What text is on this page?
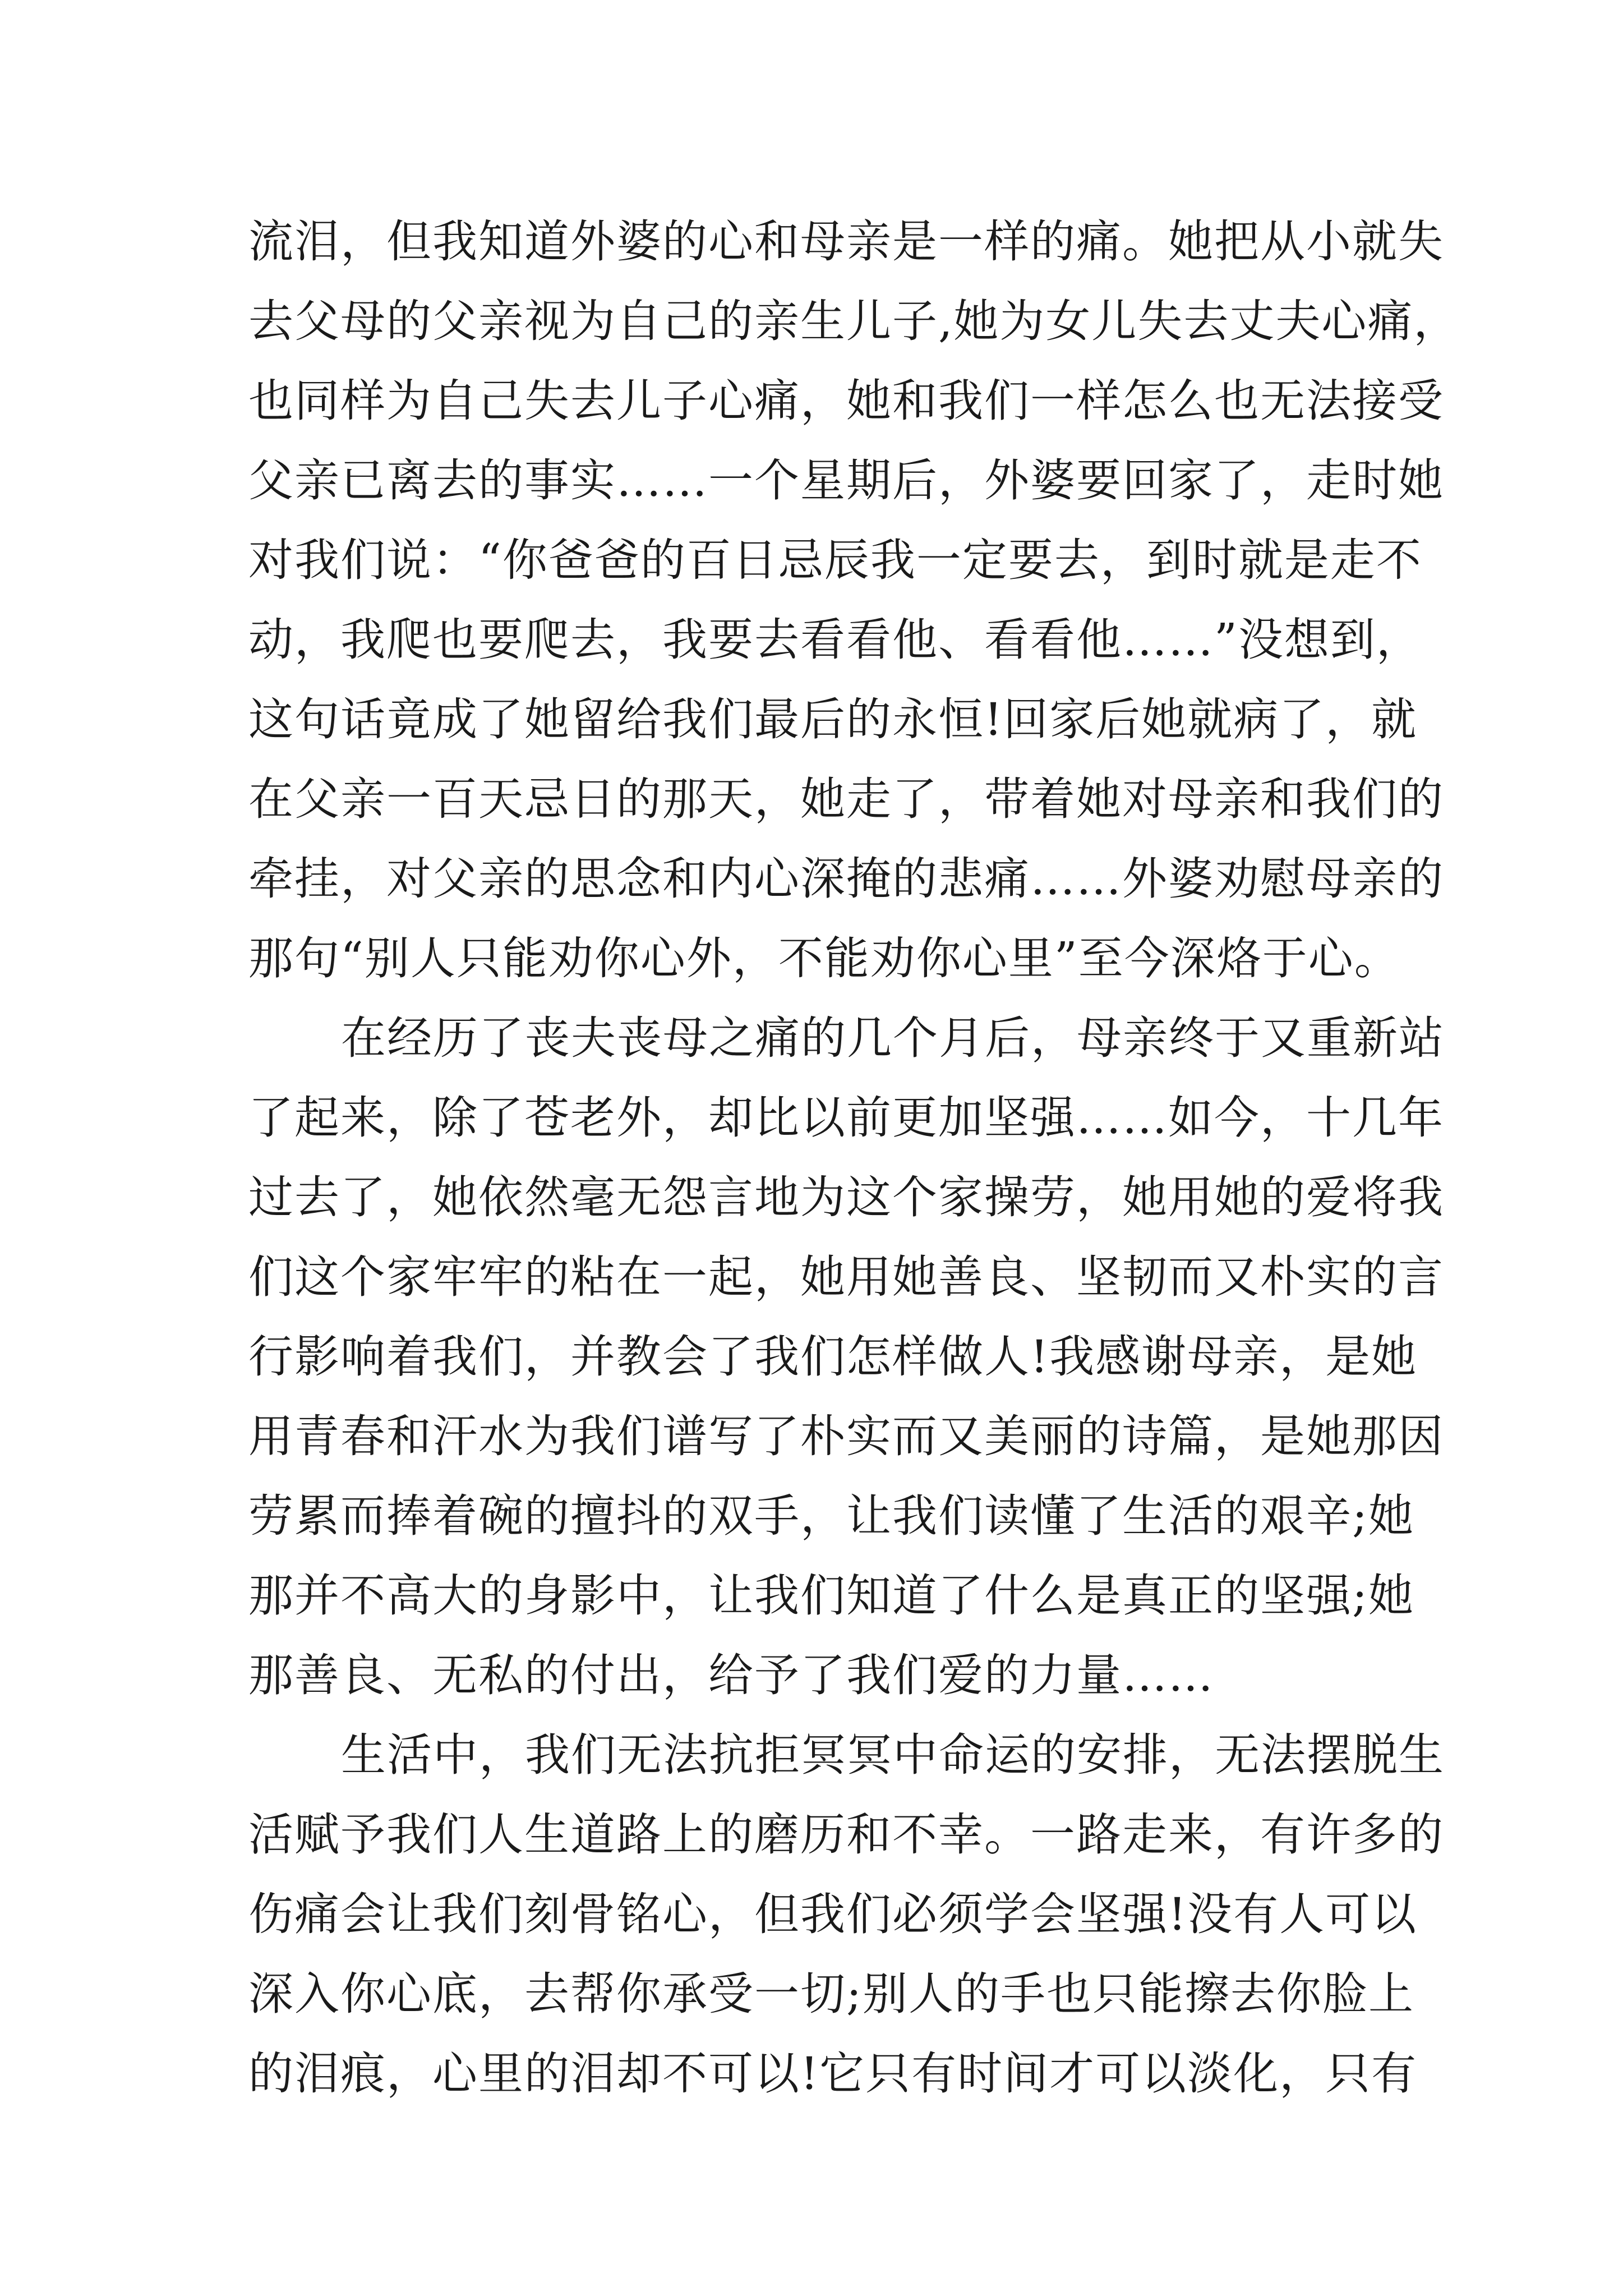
流泪，但我知道外婆的心和母亲是一样的痛。她把从小就失
去父母的父亲视为自己的亲生儿子,她为女儿失去丈夫心痛，
也同样为自己失去儿子心痛，她和我们一样怎么也无法接受
父亲已离去的事实……一个星期后，外婆要回家了，走时她
对我们说：“你爸爸的百日忌辰我一定要去，到时就是走不
动，我爬也要爬去，我要去看看他、看看他……”没想到，
这句话竟成了她留给我们最后的永恒!回家后她就病了，就
在父亲一百天忌日的那天，她走了，带着她对母亲和我们的
牵挂，对父亲的思念和内心深掩的悲痛……外婆劝慰母亲的
那句“别人只能劝你心外，不能劝你心里”至今深烙于心。
在经历了丧夫丧母之痛的几个月后，母亲终于又重新站
了起来，除了苍老外，却比以前更加坚强……如今，十几年
过去了，她依然毫无怨言地为这个家操劳，她用她的爱将我
们这个家牢牢的粘在一起，她用她善良、坚韧而又朴实的言
行影响着我们，并教会了我们怎样做人!我感谢母亲，是她
用青春和汗水为我们谱写了朴实而又美丽的诗篇，是她那因
劳累而捧着碗的擅抖的双手，让我们读懂了生活的艰辛;她
那并不高大的身影中，让我们知道了什么是真正的坚强;她
那善良、无私的付出，给予了我们爱的力量……
生活中，我们无法抗拒冥冥中命运的安排，无法摆脱生
活赋予我们人生道路上的磨历和不幸。一路走来，有许多的
伤痛会让我们刻骨铭心，但我们必须学会坚强!没有人可以
深入你心底，去帮你承受一切;别人的手也只能擦去你脸上
的泪痕，心里的泪却不可以!它只有时间才可以淡化，只有
